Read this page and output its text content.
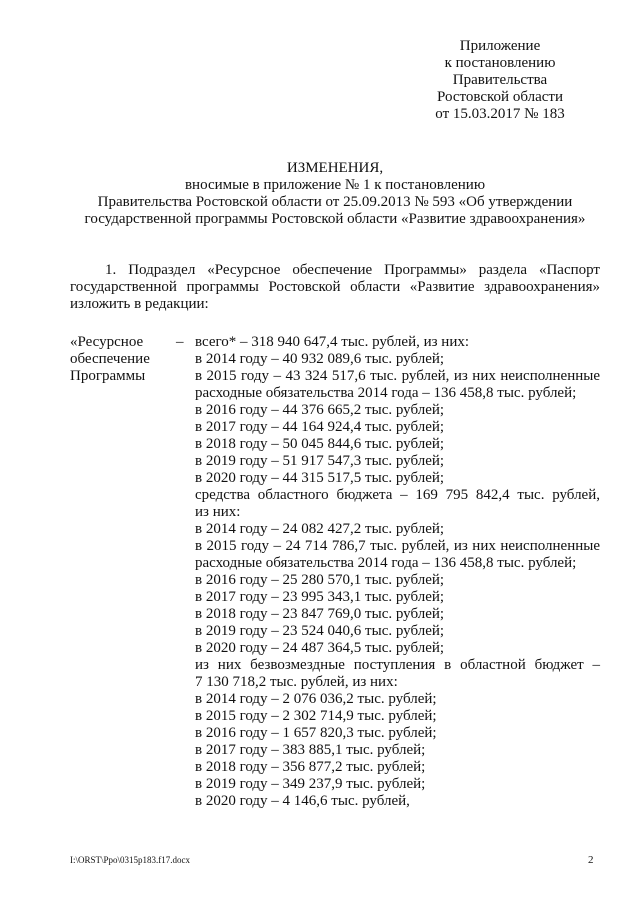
Приложение
к постановлению
Правительства
Ростовской области
от 15.03.2017 № 183
ИЗМЕНЕНИЯ,
вносимые в приложение № 1 к постановлению
Правительства Ростовской области от 25.09.2013 № 593 «Об утверждении
государственной программы Ростовской области «Развитие здравоохранения»
1. Подраздел «Ресурсное обеспечение Программы» раздела «Паспорт
государственной программы Ростовской области «Развитие здравоохранения»
изложить в редакции:
«Ресурсное
обеспечение
Программы
– всего* – 318 940 647,4 тыс. рублей, из них:
в 2014 году – 40 932 089,6 тыс. рублей;
в 2015 году – 43 324 517,6 тыс. рублей, из них неисполненные
расходные обязательства 2014 года – 136 458,8 тыс. рублей;
в 2016 году – 44 376 665,2 тыс. рублей;
в 2017 году – 44 164 924,4 тыс. рублей;
в 2018 году – 50 045 844,6 тыс. рублей;
в 2019 году – 51 917 547,3 тыс. рублей;
в 2020 году – 44 315 517,5 тыс. рублей;
средства областного бюджета – 169 795 842,4 тыс. рублей,
из них:
в 2014 году – 24 082 427,2 тыс. рублей;
в 2015 году – 24 714 786,7 тыс. рублей, из них неисполненные
расходные обязательства 2014 года – 136 458,8 тыс. рублей;
в 2016 году – 25 280 570,1 тыс. рублей;
в 2017 году – 23 995 343,1 тыс. рублей;
в 2018 году – 23 847 769,0 тыс. рублей;
в 2019 году – 23 524 040,6 тыс. рублей;
в 2020 году – 24 487 364,5 тыс. рублей;
из них безвозмездные поступления в областной бюджет –
7 130 718,2 тыс. рублей, из них:
в 2014 году – 2 076 036,2 тыс. рублей;
в 2015 году – 2 302 714,9 тыс. рублей;
в 2016 году – 1 657 820,3 тыс. рублей;
в 2017 году – 383 885,1 тыс. рублей;
в 2018 году – 356 877,2 тыс. рублей;
в 2019 году – 349 237,9 тыс. рублей;
в 2020 году – 4 146,6 тыс. рублей,
I:\ORST\Ppo\0315p183.f17.docx	2
